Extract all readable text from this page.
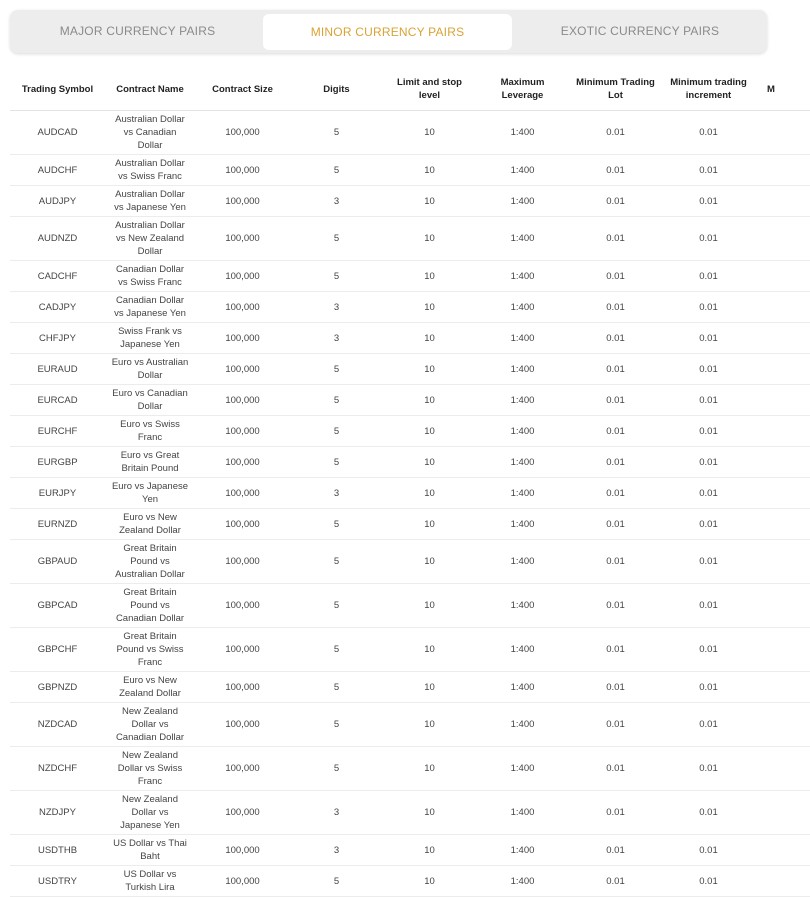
MAJOR CURRENCY PAIRS	MINOR CURRENCY PAIRS	EXOTIC CURRENCY PAIRS
Trading Symbol	Contract Name	Contract Size	Digits	Limit and stop level	Maximum Leverage	Minimum Trading Lot	Minimum trading increment	M
AUDCAD	Australian Dollar vs Canadian Dollar	100,000	5	10	1:400	0.01	0.01	
AUDCHF	Australian Dollar vs Swiss Franc	100,000	5	10	1:400	0.01	0.01	
AUDJPY	Australian Dollar vs Japanese Yen	100,000	3	10	1:400	0.01	0.01	
AUDNZD	Australian Dollar vs New Zealand Dollar	100,000	5	10	1:400	0.01	0.01	
CADCHF	Canadian Dollar vs Swiss Franc	100,000	5	10	1:400	0.01	0.01	
CADJPY	Canadian Dollar vs Japanese Yen	100,000	3	10	1:400	0.01	0.01	
CHFJPY	Swiss Frank vs Japanese Yen	100,000	3	10	1:400	0.01	0.01	
EURAUD	Euro vs Australian Dollar	100,000	5	10	1:400	0.01	0.01	
EURCAD	Euro vs Canadian Dollar	100,000	5	10	1:400	0.01	0.01	
EURCHF	Euro vs Swiss Franc	100,000	5	10	1:400	0.01	0.01	
EURGBP	Euro vs Great Britain Pound	100,000	5	10	1:400	0.01	0.01	
EURJPY	Euro vs Japanese Yen	100,000	3	10	1:400	0.01	0.01	
EURNZD	Euro vs New Zealand Dollar	100,000	5	10	1:400	0.01	0.01	
GBPAUD	Great Britain Pound vs Australian Dollar	100,000	5	10	1:400	0.01	0.01	
GBPCAD	Great Britain Pound vs Canadian Dollar	100,000	5	10	1:400	0.01	0.01	
GBPCHF	Great Britain Pound vs Swiss Franc	100,000	5	10	1:400	0.01	0.01	
GBPNZD	Euro vs New Zealand Dollar	100,000	5	10	1:400	0.01	0.01	
NZDCAD	New Zealand Dollar vs Canadian Dollar	100,000	5	10	1:400	0.01	0.01	
NZDCHF	New Zealand Dollar vs Swiss Franc	100,000	5	10	1:400	0.01	0.01	
NZDJPY	New Zealand Dollar vs Japanese Yen	100,000	3	10	1:400	0.01	0.01	
USDTHB	US Dollar vs Thai Baht	100,000	3	10	1:400	0.01	0.01	
USDTRY	US Dollar vs Turkish Lira	100,000	5	10	1:400	0.01	0.01	
